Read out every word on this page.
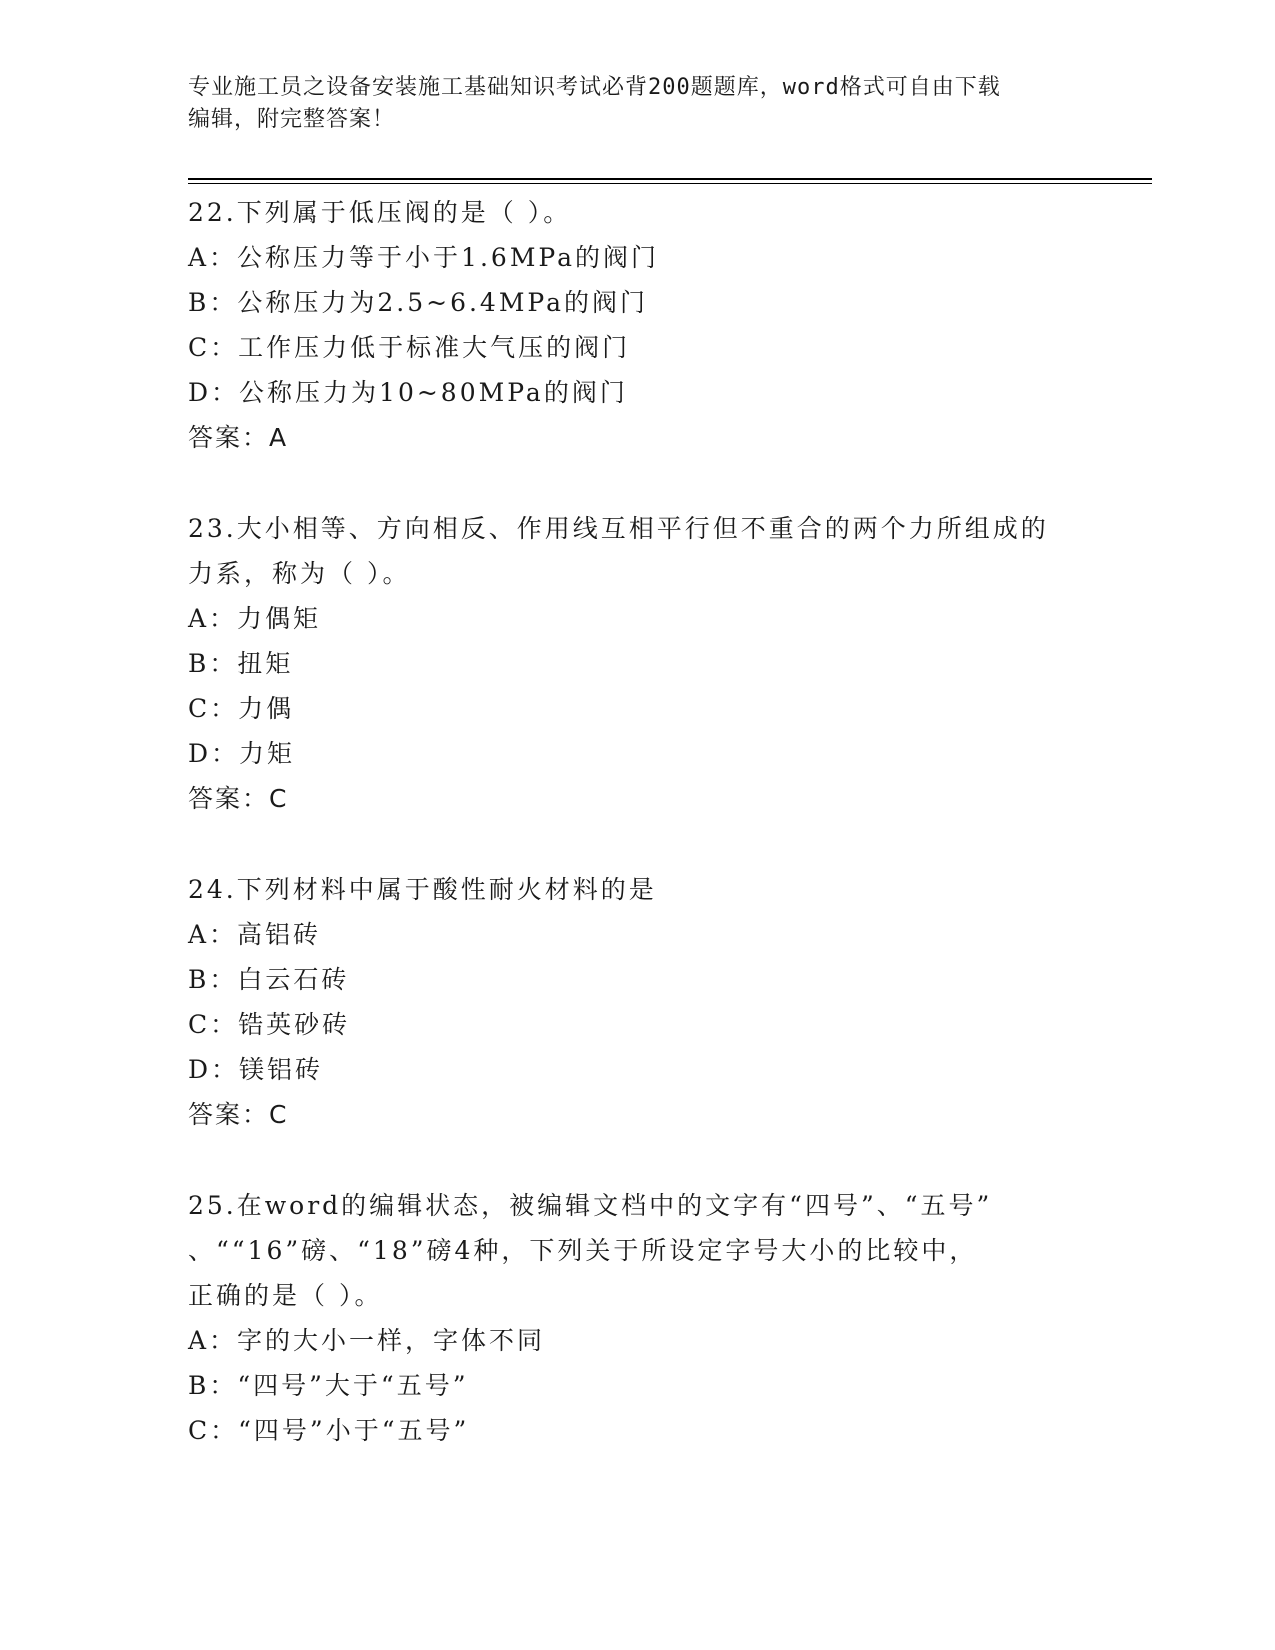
专业施工员之设备安装施工基础知识考试必背200题题库，word格式可自由下载
编辑，附完整答案！
22.下列属于低压阀的是（ ）。
A：公称压力等于小于1.6MPa的阀门
B：公称压力为2.5~6.4MPa的阀门
C：工作压力低于标准大气压的阀门
D：公称压力为10~80MPa的阀门
答案：A
23.大小相等、方向相反、作用线互相平行但不重合的两个力所组成的
力系，称为（ ）。
A：力偶矩
B：扭矩
C：力偶
D：力矩
答案：C
24.下列材料中属于酸性耐火材料的是
A：高铝砖
B：白云石砖
C：锆英砂砖
D：镁铝砖
答案：C
25.在word的编辑状态，被编辑文档中的文字有“四号”、“五号”
、““16”磅、“18”磅4种，下列关于所设定字号大小的比较中，
正确的是（ ）。
A：字的大小一样，字体不同
B：“四号”大于“五号”
C：“四号”小于“五号”
